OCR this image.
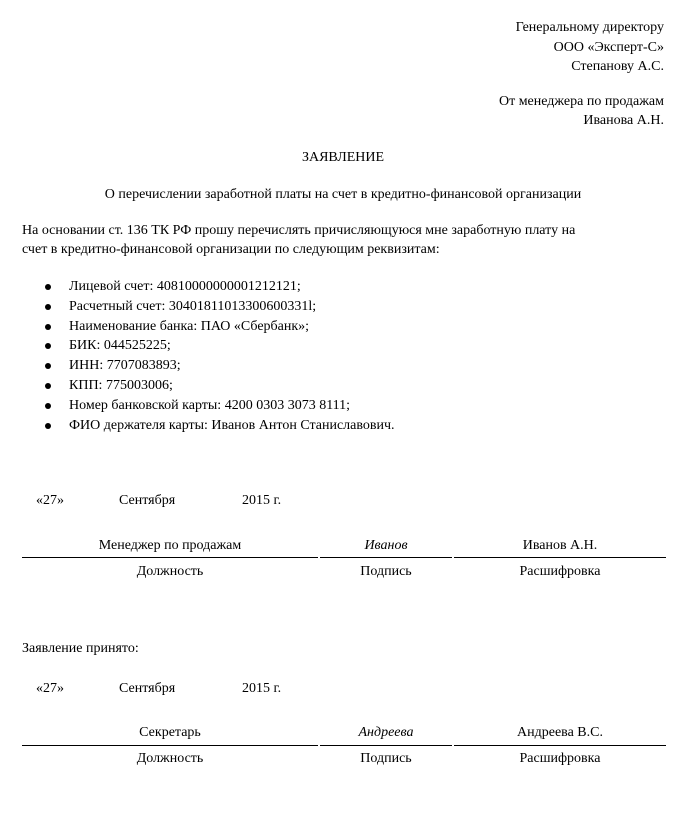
Генеральному директору
ООО «Эксперт-С»
Степанову А.С.
От менеджера по продажам
Иванова А.Н.
ЗАЯВЛЕНИЕ
О перечислении заработной платы на счет в кредитно-финансовой организации
На основании ст. 136 ТК РФ прошу перечислять причисляющуюся мне заработную плату на
счет в кредитно-финансовой организации по следующим реквизитам:
Лицевой счет: 40810000000001212121;
Расчетный счет: 30401811013300600331l;
Наименование банка: ПАО «Сбербанк»;
БИК: 044525225;
ИНН: 7707083893;
КПП: 775003006;
Номер банковской карты: 4200 0303 3073 8111;
ФИО держателя карты: Иванов Антон Станиславович.
«27»	Сентября	2015 г.
Менеджер по продажам	Иванов	Иванов А.Н.
Должность	Подпись	Расшифровка
Заявление принято:
«27»	Сентября	2015 г.
Секретарь	Андреева	Андреева В.С.
Должность	Подпись	Расшифровка
